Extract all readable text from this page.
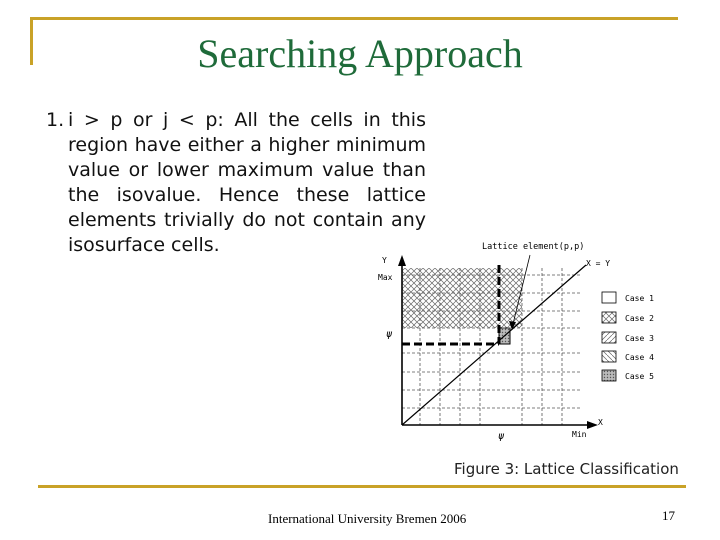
Searching Approach
1. i > p or j < p: All the cells in this region have either a higher minimum value or lower maximum value than the isovalue. Hence these lattice elements trivially do not contain any isosurface cells.	Lattice element(p,p)
Y
Max
ψ
X = Y
X
Min
ψ
Case 1
Case 2
Case 3
Case 4
Case 5
Figure 3: Lattice Classification
International University Bremen 2006	17
